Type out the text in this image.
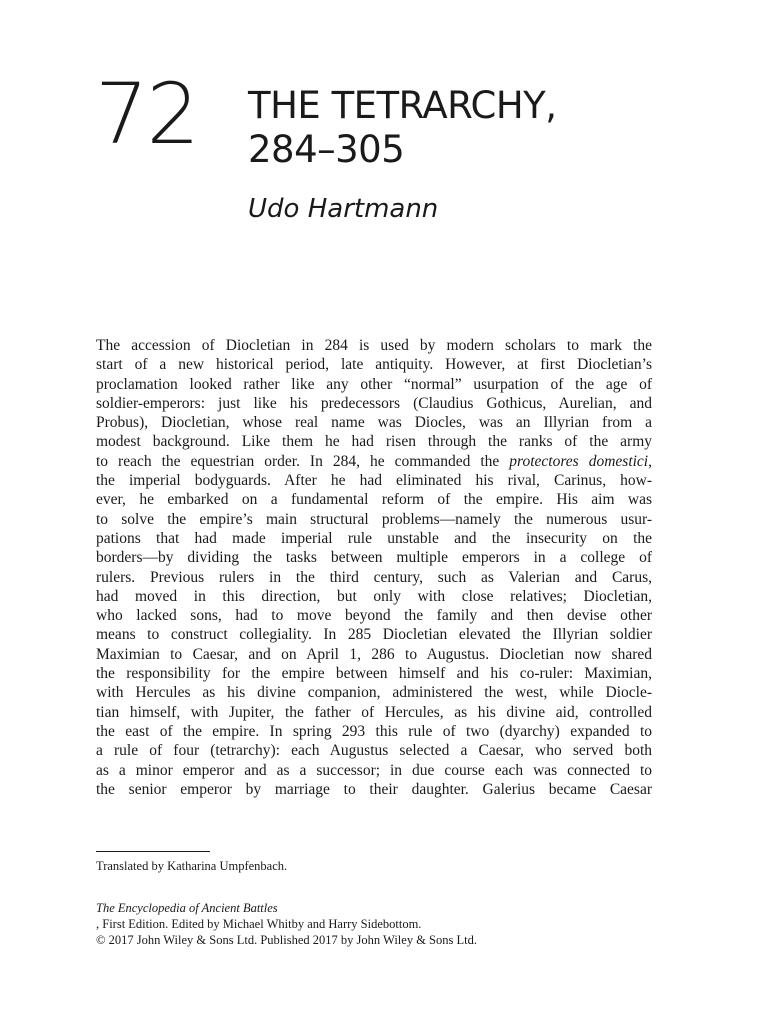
72 THE TETRARCHY,
284–305
Udo Hartmann
The accession of Diocletian in 284 is used by modern scholars to mark the
start of a new historical period, late antiquity. However, at first Diocletian’s
proclamation looked rather like any other “normal” usurpation of the age of
soldier-emperors: just like his predecessors (Claudius Gothicus, Aurelian, and
Probus), Diocletian, whose real name was Diocles, was an Illyrian from a
modest background. Like them he had risen through the ranks of the army
to reach the equestrian order. In 284, he commanded the protectores domestici,
the imperial bodyguards. After he had eliminated his rival, Carinus, how-
ever, he embarked on a fundamental reform of the empire. His aim was
to solve the empire’s main structural problems—namely the numerous usur-
pations that had made imperial rule unstable and the insecurity on the
borders—by dividing the tasks between multiple emperors in a college of
rulers. Previous rulers in the third century, such as Valerian and Carus,
had moved in this direction, but only with close relatives; Diocletian,
who lacked sons, had to move beyond the family and then devise other
means to construct collegiality. In 285 Diocletian elevated the Illyrian soldier
Maximian to Caesar, and on April 1, 286 to Augustus. Diocletian now shared
the responsibility for the empire between himself and his co-ruler: Maximian,
with Hercules as his divine companion, administered the west, while Diocle-
tian himself, with Jupiter, the father of Hercules, as his divine aid, controlled
the east of the empire. In spring 293 this rule of two (dyarchy) expanded to
a rule of four (tetrarchy): each Augustus selected a Caesar, who served both
as a minor emperor and as a successor; in due course each was connected to
the senior emperor by marriage to their daughter. Galerius became Caesar
Translated by Katharina Umpfenbach.
The Encyclopedia of Ancient Battles
, First Edition. Edited by Michael Whitby and Harry Sidebottom.
© 2017 John Wiley & Sons Ltd. Published 2017 by John Wiley & Sons Ltd.
